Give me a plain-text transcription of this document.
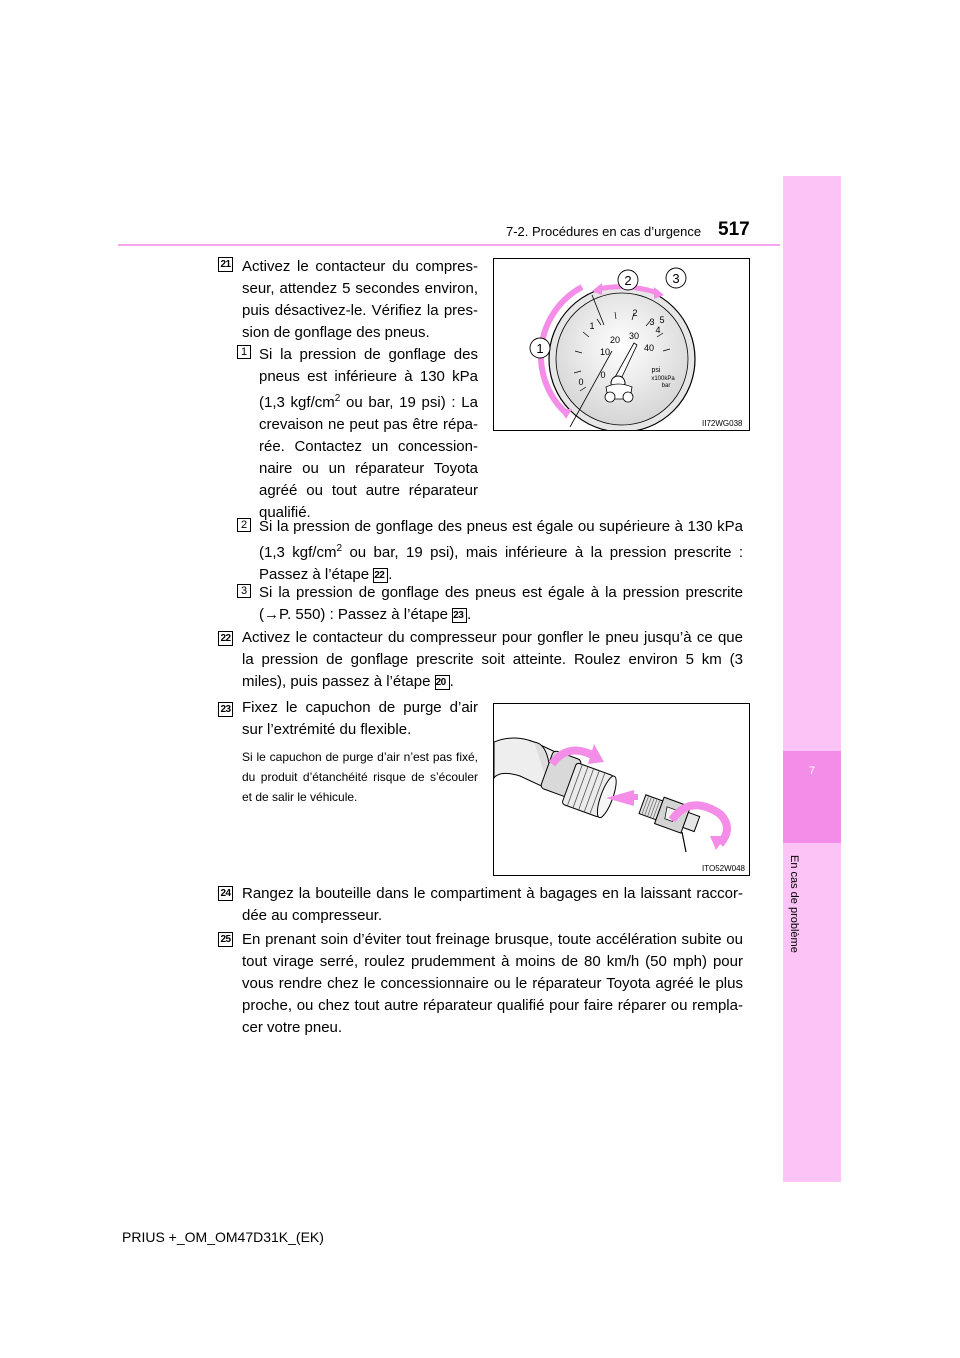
7-2. Procédures en cas d’urgence 517
7
En cas de problème
21 Activez le contacteur du compresseur, attendez 5 secondes environ, puis désactivez-le. Vérifiez la pression de gonflage des pneus.
1 Si la pression de gonflage des pneus est inférieure à 130 kPa (1,3 kgf/$cm^2$ ou bar, 19 psi) : La crevaison ne peut pas être réparée. Contactez un concessionnaire ou un réparateur Toyota agréé ou tout autre réparateur qualifié.
0
1
2
3
4
5
0
10
20 30
40
psi
x100kPa
bar
1
2	3
II72WG038
2 Si la pression de gonflage des pneus est égale ou supérieure à 130 kPa (1,3 kgf/$cm^2$ ou bar, 19 psi), mais inférieure à la pression prescrite : Passez à l’étape 22.
3 Si la pression de gonflage des pneus est égale à la pression prescrite (→P. 550) : Passez à l’étape 23.
22 Activez le contacteur du compresseur pour gonfler le pneu jusqu’à ce que la pression de gonflage prescrite soit atteinte. Roulez environ 5 km (3 miles), puis passez à l’étape 20.
23 Fixez le capuchon de purge d’air sur l’extrémité du flexible.
Si le capuchon de purge d’air n’est pas fixé, du produit d’étanchéité risque de s’écouler et de salir le véhicule.
ITO52W048
24 Rangez la bouteille dans le compartiment à bagages en la laissant raccordée au compresseur.
25 En prenant soin d’éviter tout freinage brusque, toute accélération subite ou tout virage serré, roulez prudemment à moins de 80 km/h (50 mph) pour vous rendre chez le concessionnaire ou le réparateur Toyota agréé le plus proche, ou chez tout autre réparateur qualifié pour faire réparer ou remplacer votre pneu.
PRIUS +_OM_OM47D31K_(EK)
